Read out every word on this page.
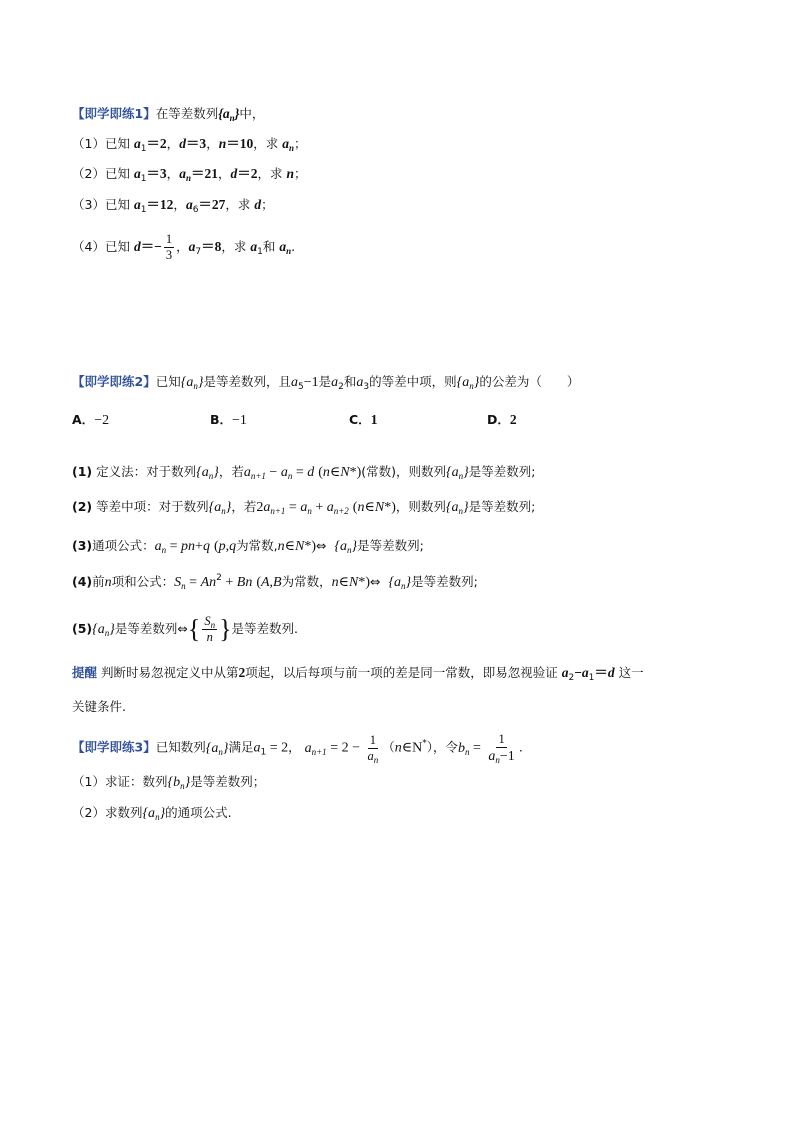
【即学即练1】在等差数列$\{a_n\}$中，
（1）已知 $a_1=2$，d＝3，n＝10，求 $a_n$；
（2）已知 $a_1=3$，$a_n=21$，d＝2，求 n；
（3）已知 $a_1=12$，$a_6=27$，求 d；
（4）已知 $d=- \frac{1}{3}$ ，$a_7=8$，求 $a_1$和 $a_n$.
【即学即练2】已知$\{a_n\}$是等差数列，且$a_5-1$是$a_2$和$a_3$的等差中项，则$\{a_n\}$的公差为（　　）
A．−2	B．−1	C．1	D．2
(1) 定义法：对于数列$\{a_n\}$，若$a_{n+1} - a_n = d$ (n∈N*)(常数)，则数列$\{a_n\}$是等差数列;
(2) 等差中项：对于数列$\{a_n\}$，若$2a_{n+1} = a_n + a_{n+2}$ (n∈N*)，则数列$\{a_n\}$是等差数列;
(3)通项公式：$a_n = pn+q$ (p,q为常数,n∈N*)⇔  $\{a_n\}$是等差数列;
(4)前n项和公式：$S_n = An^2 + Bn$ (A,B为常数，n∈N*)⇔  $\{a_n\}$是等差数列;
$(5)\{a_n\}$是等差数列⇔{ $\frac{S_n}{n}$ }是等差数列.
提醒 判断时易忽视定义中从第2项起，以后每项与前一项的差是同一常数，即易忽视验证 $a_2-a_1=d$ 这一
关键条件.
【即学即练3】已知数列$\{a_n\}$满足$a_1 = 2$， $a_{n+1} = 2 - \frac{1}{a_n}$ （n∈N*），令$b_n = \frac{1}{a_n-1}$ .
（1）求证：数列$\{b_n\}$是等差数列；
（2）求数列$\{a_n\}$的通项公式.
